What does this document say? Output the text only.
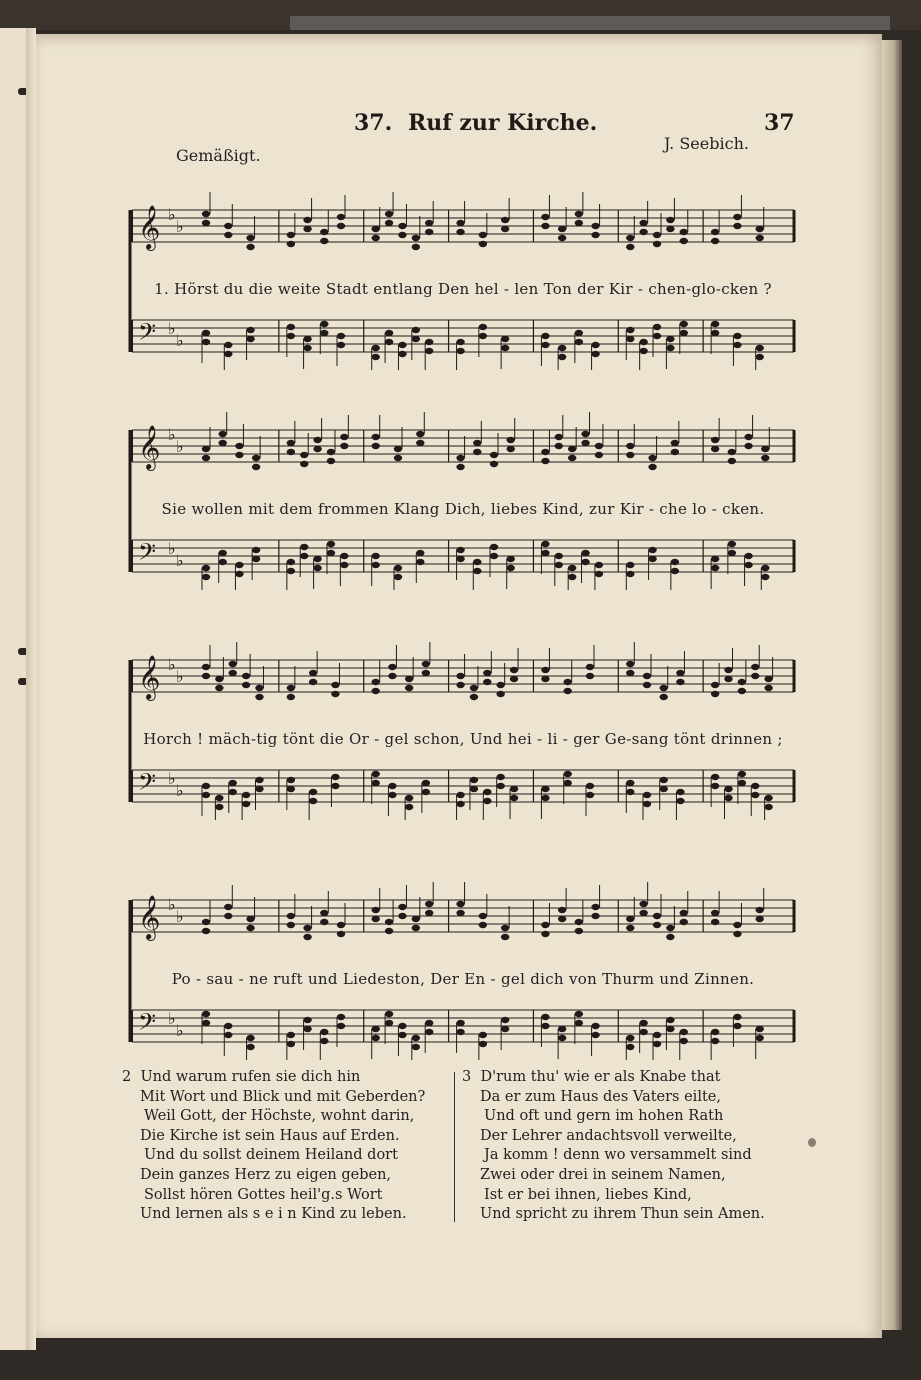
37. Ruf zur Kirche.	37
Gemäßigt.
J. Seebich.
𝄞 ♭
♭
𝄢 ♭
♭
1. Hörst du die weite Stadt entlang Den hel - len Ton der Kir - chen-glo-cken ?
𝄞 ♭
♭
𝄢 ♭
♭
Sie wollen mit dem frommen Klang Dich, liebes Kind, zur Kir - che lo - cken.
𝄞 ♭
♭
𝄢 ♭
♭
Horch ! mäch-tig tönt die Or - gel schon, Und hei - li - ger Ge-sang tönt drinnen ;
𝄞 ♭
♭
𝄢 ♭
♭
Po - sau - ne ruft und Liedeston, Der En - gel dich von Thurm und Zinnen.
2 Und warum rufen sie dich hin
Mit Wort und Blick und mit Geberden?
Weil Gott, der Höchste, wohnt darin,
Die Kirche ist sein Haus auf Erden.
Und du sollst deinem Heiland dort
Dein ganzes Herz zu eigen geben,
Sollst hören Gottes heil'g.s Wort
Und lernen als s e i n Kind zu leben.
3 D'rum thu' wie er als Knabe that
Da er zum Haus des Vaters eilte,
Und oft und gern im hohen Rath
Der Lehrer andachtsvoll verweilte,
Ja komm ! denn wo versammelt sind
Zwei oder drei in seinem Namen,
Ist er bei ihnen, liebes Kind,
Und spricht zu ihrem Thun sein Amen.
